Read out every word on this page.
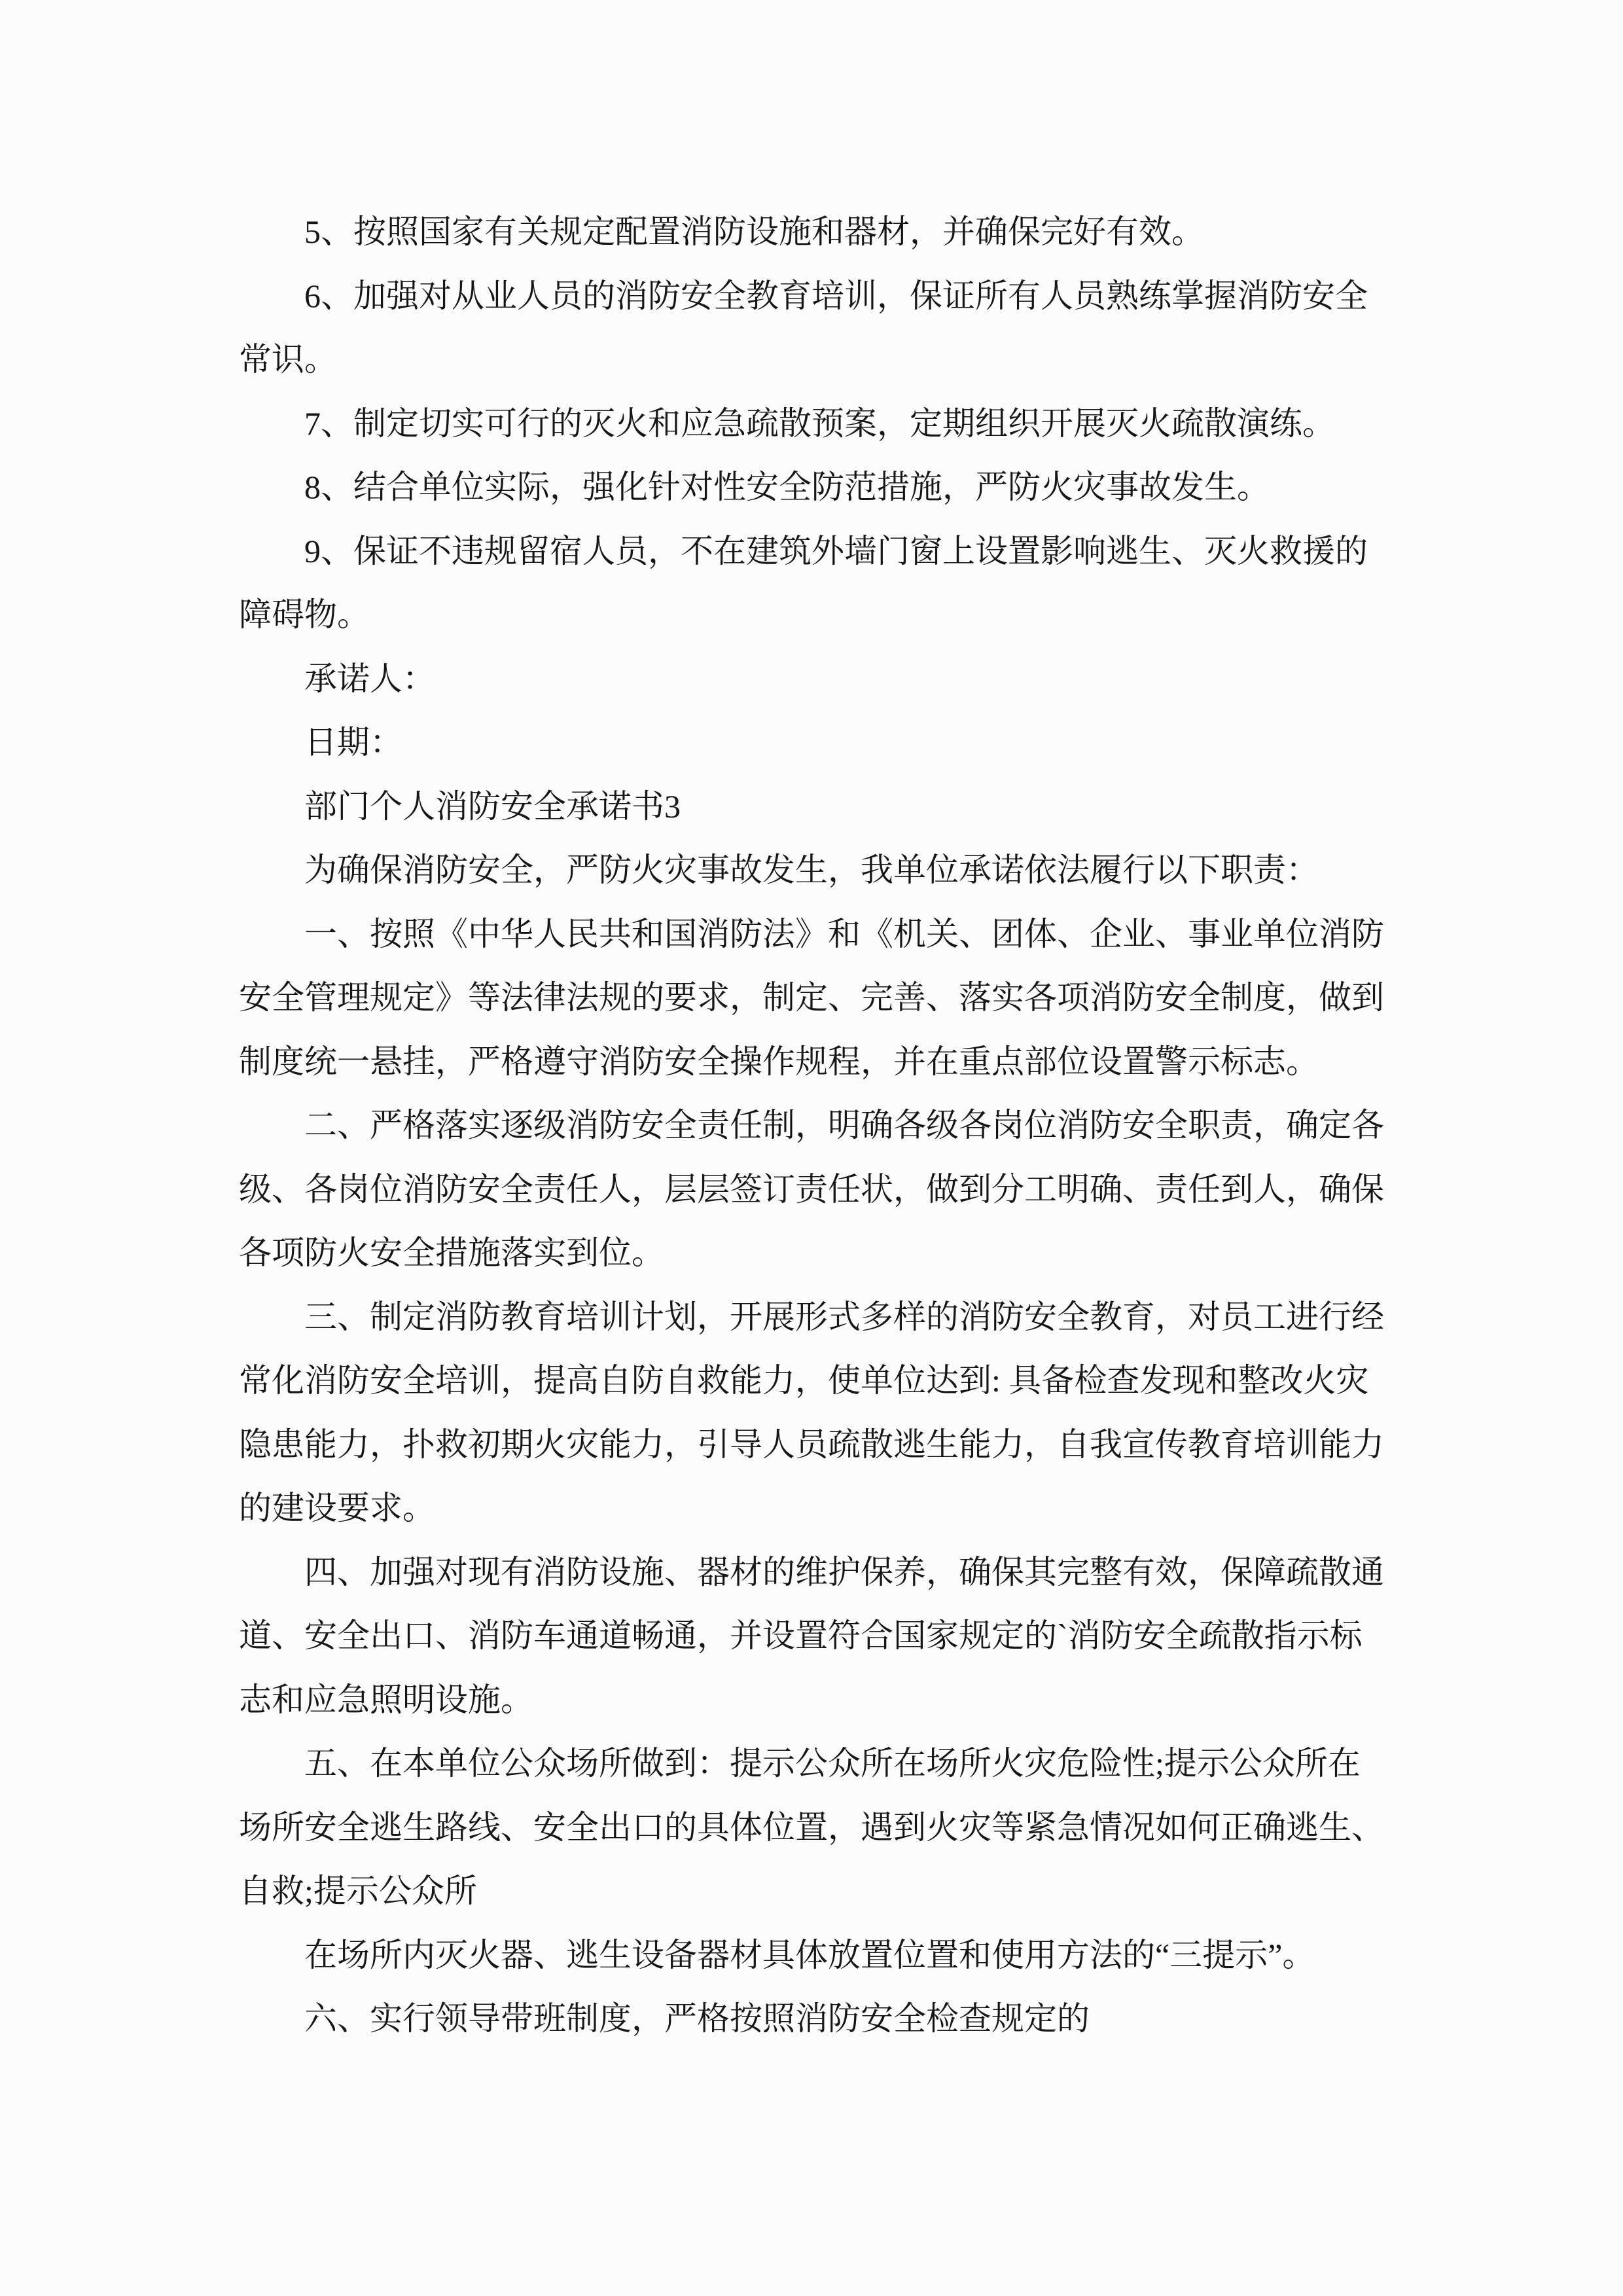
5、按照国家有关规定配置消防设施和器材，并确保完好有效。

6、加强对从业人员的消防安全教育培训，保证所有人员熟练掌握消防安全

常识。

7、制定切实可行的灭火和应急疏散预案，定期组织开展灭火疏散演练。

8、结合单位实际，强化针对性安全防范措施，严防火灾事故发生。

9、保证不违规留宿人员，不在建筑外墙门窗上设置影响逃生、灭火救援的

障碍物。

承诺人：

日期：

部门个人消防安全承诺书3

为确保消防安全，严防火灾事故发生，我单位承诺依法履行以下职责：

一、按照《中华人民共和国消防法》和《机关、团体、企业、事业单位消防

安全管理规定》等法律法规的要求，制定、完善、落实各项消防安全制度，做到

制度统一悬挂，严格遵守消防安全操作规程，并在重点部位设置警示标志。

二、严格落实逐级消防安全责任制，明确各级各岗位消防安全职责，确定各

级、各岗位消防安全责任人，层层签订责任状，做到分工明确、责任到人，确保

各项防火安全措施落实到位。

三、制定消防教育培训计划，开展形式多样的消防安全教育，对员工进行经

常化消防安全培训，提高自防自救能力，使单位达到: 具备检查发现和整改火灾

隐患能力，扑救初期火灾能力，引导人员疏散逃生能力，自我宣传教育培训能力

的建设要求。

四、加强对现有消防设施、器材的维护保养，确保其完整有效，保障疏散通

道、安全出口、消防车通道畅通，并设置符合国家规定的`消防安全疏散指示标

志和应急照明设施。

五、在本单位公众场所做到：提示公众所在场所火灾危险性;提示公众所在

场所安全逃生路线、安全出口的具体位置，遇到火灾等紧急情况如何正确逃生、

自救;提示公众所

在场所内灭火器、逃生设备器材具体放置位置和使用方法的“三提示”。

六、实行领导带班制度，严格按照消防安全检查规定的
